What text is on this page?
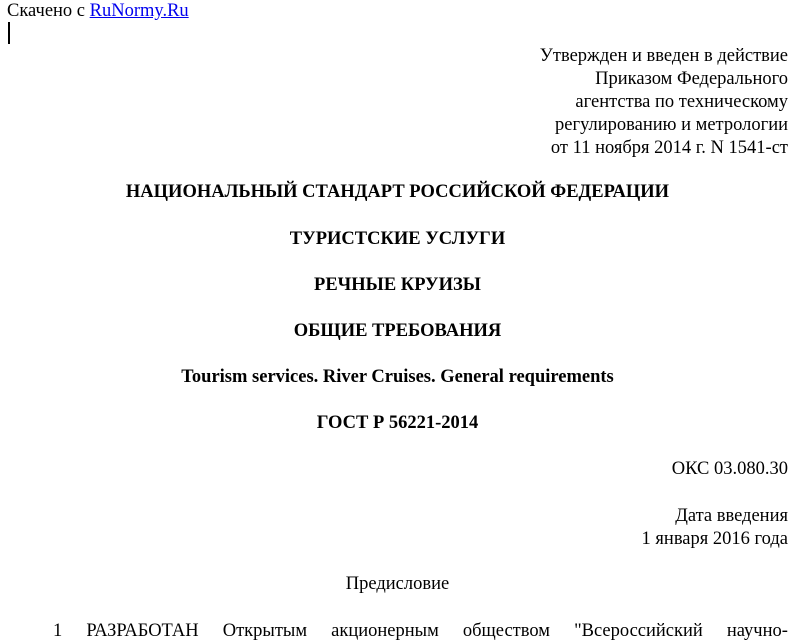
Скачено с RuNormy.Ru
Утвержден и введен в действие
Приказом Федерального
агентства по техническому
регулированию и метрологии
от 11 ноября 2014 г. N 1541-ст
НАЦИОНАЛЬНЫЙ СТАНДАРТ РОССИЙСКОЙ ФЕДЕРАЦИИ
ТУРИСТСКИЕ УСЛУГИ
РЕЧНЫЕ КРУИЗЫ
ОБЩИЕ ТРЕБОВАНИЯ
Tourism services. River Cruises. General requirements
ГОСТ Р 56221-2014
ОКС 03.080.30
Дата введения
1 января 2016 года
Предисловие
1 РАЗРАБОТАН Открытым акционерным обществом "Всероссийский научно-
